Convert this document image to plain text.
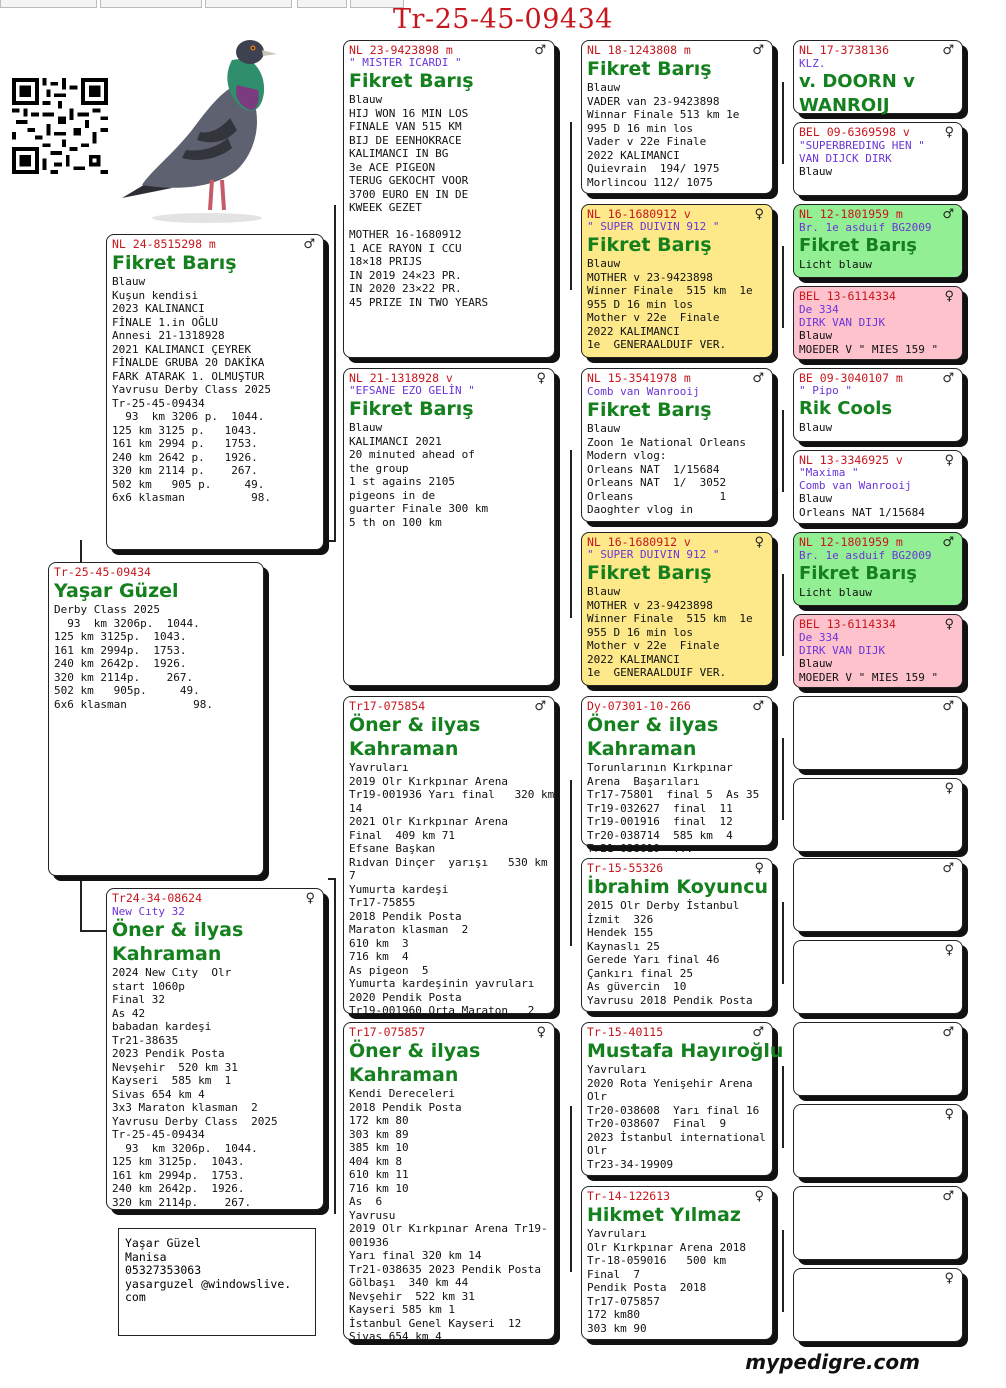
Tr-25-45-09434
Tr-25-45-09434
Yaşar Güzel
Derby Class 2025
93  km 3206p.  1044.
125 km 3125p.  1043.
161 km 2994p.  1753.
240 km 2642p.  1926.
320 km 2114p.    267.
502 km   905p.     49.
6x6 klasman          98.
♂
NL 24-8515298 m
Fikret Barış
Blauw
Kuşun kendisi
2023 KALINANCI
FİNALE 1.in OĞLU
Annesi 21-1318928
2021 KALIMANCI ÇEYREK
FİNALDE GRUBA 20 DAKİKA
FARK ATARAK 1. OLMUŞTUR
Yavrusu Derby Class 2025
Tr-25-45-09434
93  km 3206 p.  1044.
125 km 3125 p.   1043.
161 km 2994 p.   1753.
240 km 2642 p.   1926.
320 km 2114 p.    267.
502 km   905 p.     49.
6x6 klasman          98.
♀
Tr24-34-08624
New Cıty 32
Öner & ilyas
Kahraman
2024 New Cıty  Olr
start 1060p
Final 32
As 42
babadan kardeşi
Tr21-38635
2023 Pendik Posta
Nevşehir  520 km 31
Kayseri  585 km  1
Sivas 654 km 4
3x3 Maraton klasman  2
Yavrusu Derby Class  2025
Tr-25-45-09434
93  km 3206p.  1044.
125 km 3125p.  1043.
161 km 2994p.  1753.
240 km 2642p.  1926.
320 km 2114p.    267.
♂
NL 23-9423898 m
" MISTER ICARDI "
Fikret Barış
Blauw
HIJ WON 16 MIN LOS
FINALE VAN 515 KM
BIJ DE EENHOKRACE
KALIMANCI IN BG
3e ACE PIGEON
TERUG GEKOCHT VOOR
3700 EURO EN IN DE
KWEEK GEZET

MOTHER 16-1680912
1 ACE RAYON I CCU
18×18 PRIJS
IN 2019 24×23 PR.
IN 2020 23×22 PR.
45 PRIZE IN TWO YEARS
♀
NL 21-1318928 v
"EFSANE EZO GELİN "
Fikret Barış
Blauw
KALIMANCI 2021
20 minuted ahead of
the group
1 st agains 2105
pigeons in de
guarter Finale 300 km
5 th on 100 km
♂
Tr17-075854
Öner & ilyas
Kahraman
Yavruları
2019 Olr Kırkpınar Arena
Tr19-001936 Yarı final   320 km
14
2021 Olr Kırkpınar Arena
Final  409 km 71
Efsane Başkan
Rıdvan Dinçer  yarışı   530 km
7
Yumurta kardeşi
Tr17-75855
2018 Pendik Posta
Maraton klasman  2
610 km  3
716 km  4
As pigeon  5
Yumurta kardeşinin yavruları
2020 Pendik Posta
Tr19-001960 Orta Maraton   2
♀
Tr17-075857
Öner & ilyas
Kahraman
Kendi Dereceleri
2018 Pendik Posta
172 km 80
303 km 89
385 km 10
404 km 8
610 km 11
716 km 10
As  6
Yavrusu
2019 Olr Kırkpınar Arena Tr19-
001936
Yarı final 320 km 14
Tr21-038635 2023 Pendik Posta
Gölbaşı  340 km 44
Nevşehir  522 km 31
Kayseri 585 km 1
İstanbul Genel Kayseri  12
Sivas 654 km 4
♂
NL 18-1243808 m
Fikret Barış
Blauw
VADER van 23-9423898
Winnar Finale 513 km 1e
995 D 16 min los
Vader v 22e Finale
2022 KALIMANCI
Quievrain  194/ 1975
Morlincou 112/ 1075
♀
NL 16-1680912 v
" SUPER DUIVIN 912 "
Fikret Barış
Blauw
MOTHER v 23-9423898
Winner Finale  515 km  1e
955 D 16 min los
Mother v 22e  Finale
2022 KALIMANCI
1e  GENERAALDUIF VER.
♂
NL 15-3541978 m
Comb van Wanrooij
Fikret Barış
Blauw
Zoon 1e National Orleans
Modern vlog:
Orleans NAT  1/15684
Orleans NAT  1/  3052
Orleans             1
Daoghter vlog in
♀
NL 16-1680912 v
" SUPER DUIVIN 912 "
Fikret Barış
Blauw
MOTHER v 23-9423898
Winner Finale  515 km  1e
955 D 16 min los
Mother v 22e  Finale
2022 KALIMANCI
1e  GENERAALDUIF VER.
♂
Dy-07301-10-266
Öner & ilyas
Kahraman
Torunlarının Kırkpınar
Arena  Başarıları
Tr17-75801  final 5  As 35
Tr19-032627  final  11
Tr19-001916  final  12
Tr20-038714  585 km  4
Tr21-038610  ...
♀
Tr-15-55326
İbrahim Koyuncu
2015 Olr Derby İstanbul
İzmit  326
Hendek 155
Kaynaslı 25
Gerede Yarı final 46
Çankırı final 25
As güvercin  10
Yavrusu 2018 Pendik Posta
♂
Tr-15-40115
Mustafa Hayıroğlu
Yavruları
2020 Rota Yenişehir Arena
Olr
Tr20-038608  Yarı final 16
Tr20-038607  Final  9
2023 İstanbul international
Olr
Tr23-34-19909
♀
Tr-14-122613
Hikmet Yılmaz
Yavruları
Olr Kırkpınar Arena 2018
Tr-18-059016   500 km
Final  7
Pendik Posta  2018
Tr17-075857
172 km80
303 km 90
♂
NL 17-3738136
KLZ.
v. DOORN v
WANROIJ
♀
BEL 09-6369598 v
"SUPERBREDING HEN "
VAN DIJCK DIRK
Blauw
♂
NL 12-1801959 m
Br. 1e asduif BG2009
Fikret Barış
Licht blauw
♀
BEL 13-6114334
De 334
DIRK VAN DIJK
Blauw
MOEDER V " MIES 159 "
♂
BE 09-3040107 m
" Pipo "
Rik Cools
Blauw
♀
NL 13-3346925 v
"Maxima "
Comb van Wanrooij
Blauw
Orleans NAT 1/15684
♂
NL 12-1801959 m
Br. 1e asduif BG2009
Fikret Barış
Licht blauw
♀
BEL 13-6114334
De 334
DIRK VAN DIJK
Blauw
MOEDER V " MIES 159 "
♂
♀
♂
♀
♂
♀
♂
♀
Yaşar Güzel
Manisa
05327353063
yasarguzel @windowslive.
com
mypedigre.com
